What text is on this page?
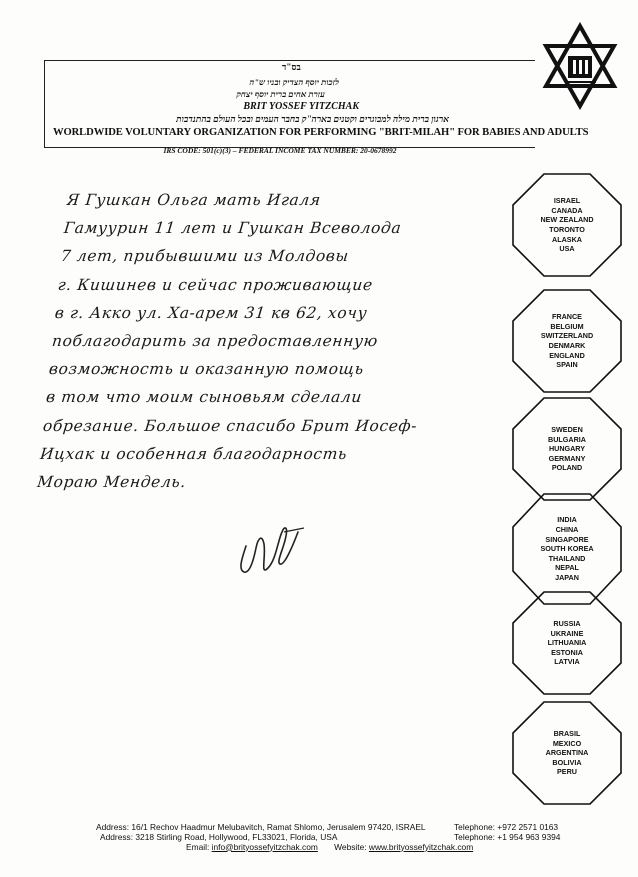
בס"ד
לזכות יוסף הצדיק ובניו ש"ה
עזרת אחים ברית יוסף יצחק
BRIT YOSSEF YITZCHAK
ארגון ברית מילה למבוגרים וקטנים בארה"ק בחבר העמים ובכל העולם בהתנדבות
WORLDWIDE VOLUNTARY ORGANIZATION FOR PERFORMING "BRIT-MILAH" FOR BABIES AND ADULTS
IRS CODE: 501(c)(3) – FEDERAL INCOME TAX NUMBER: 20-0678992
Я Гушкан Ольга мать Игаля
Гамуурин 11 лет и Гушкан Всеволода
7 лет, прибывшими из Молдовы
г. Кишинев и сейчас проживающие
в г. Акко ул. Ха-арем 31 кв 62, хочу
поблагодарить за предоставленную
возможность и оказанную помощь
в том что моим сыновьям сделали
обрезание. Большое спасибо Брит Иосеф-
Ицхак и особенная благодарность
Мораю Мендель.
ISRAEL
CANADA
NEW ZEALAND
TORONTO
ALASKA
USA
FRANCE
BELGIUM
SWITZERLAND
DENMARK
ENGLAND
SPAIN
SWEDEN
BULGARIA
HUNGARY
GERMANY
POLAND
INDIA
CHINA
SINGAPORE
SOUTH KOREA
THAILAND
NEPAL
JAPAN
RUSSIA
UKRAINE
LITHUANIA
ESTONIA
LATVIA
BRASIL
MEXICO
ARGENTINA
BOLIVIA
PERU
Address: 16/1 Rechov Haadmur Melubavitch, Ramat Shlomo, Jerusalem 97420, ISRAEL	Telephone: +972 2571 0163
Address: 3218 Stirling Road, Hollywood, FL33021, Florida, USA	Telephone: +1 954 963 9394
Email: info@brityossefyitzchak.com Website: www.brityossefyitzchak.com
